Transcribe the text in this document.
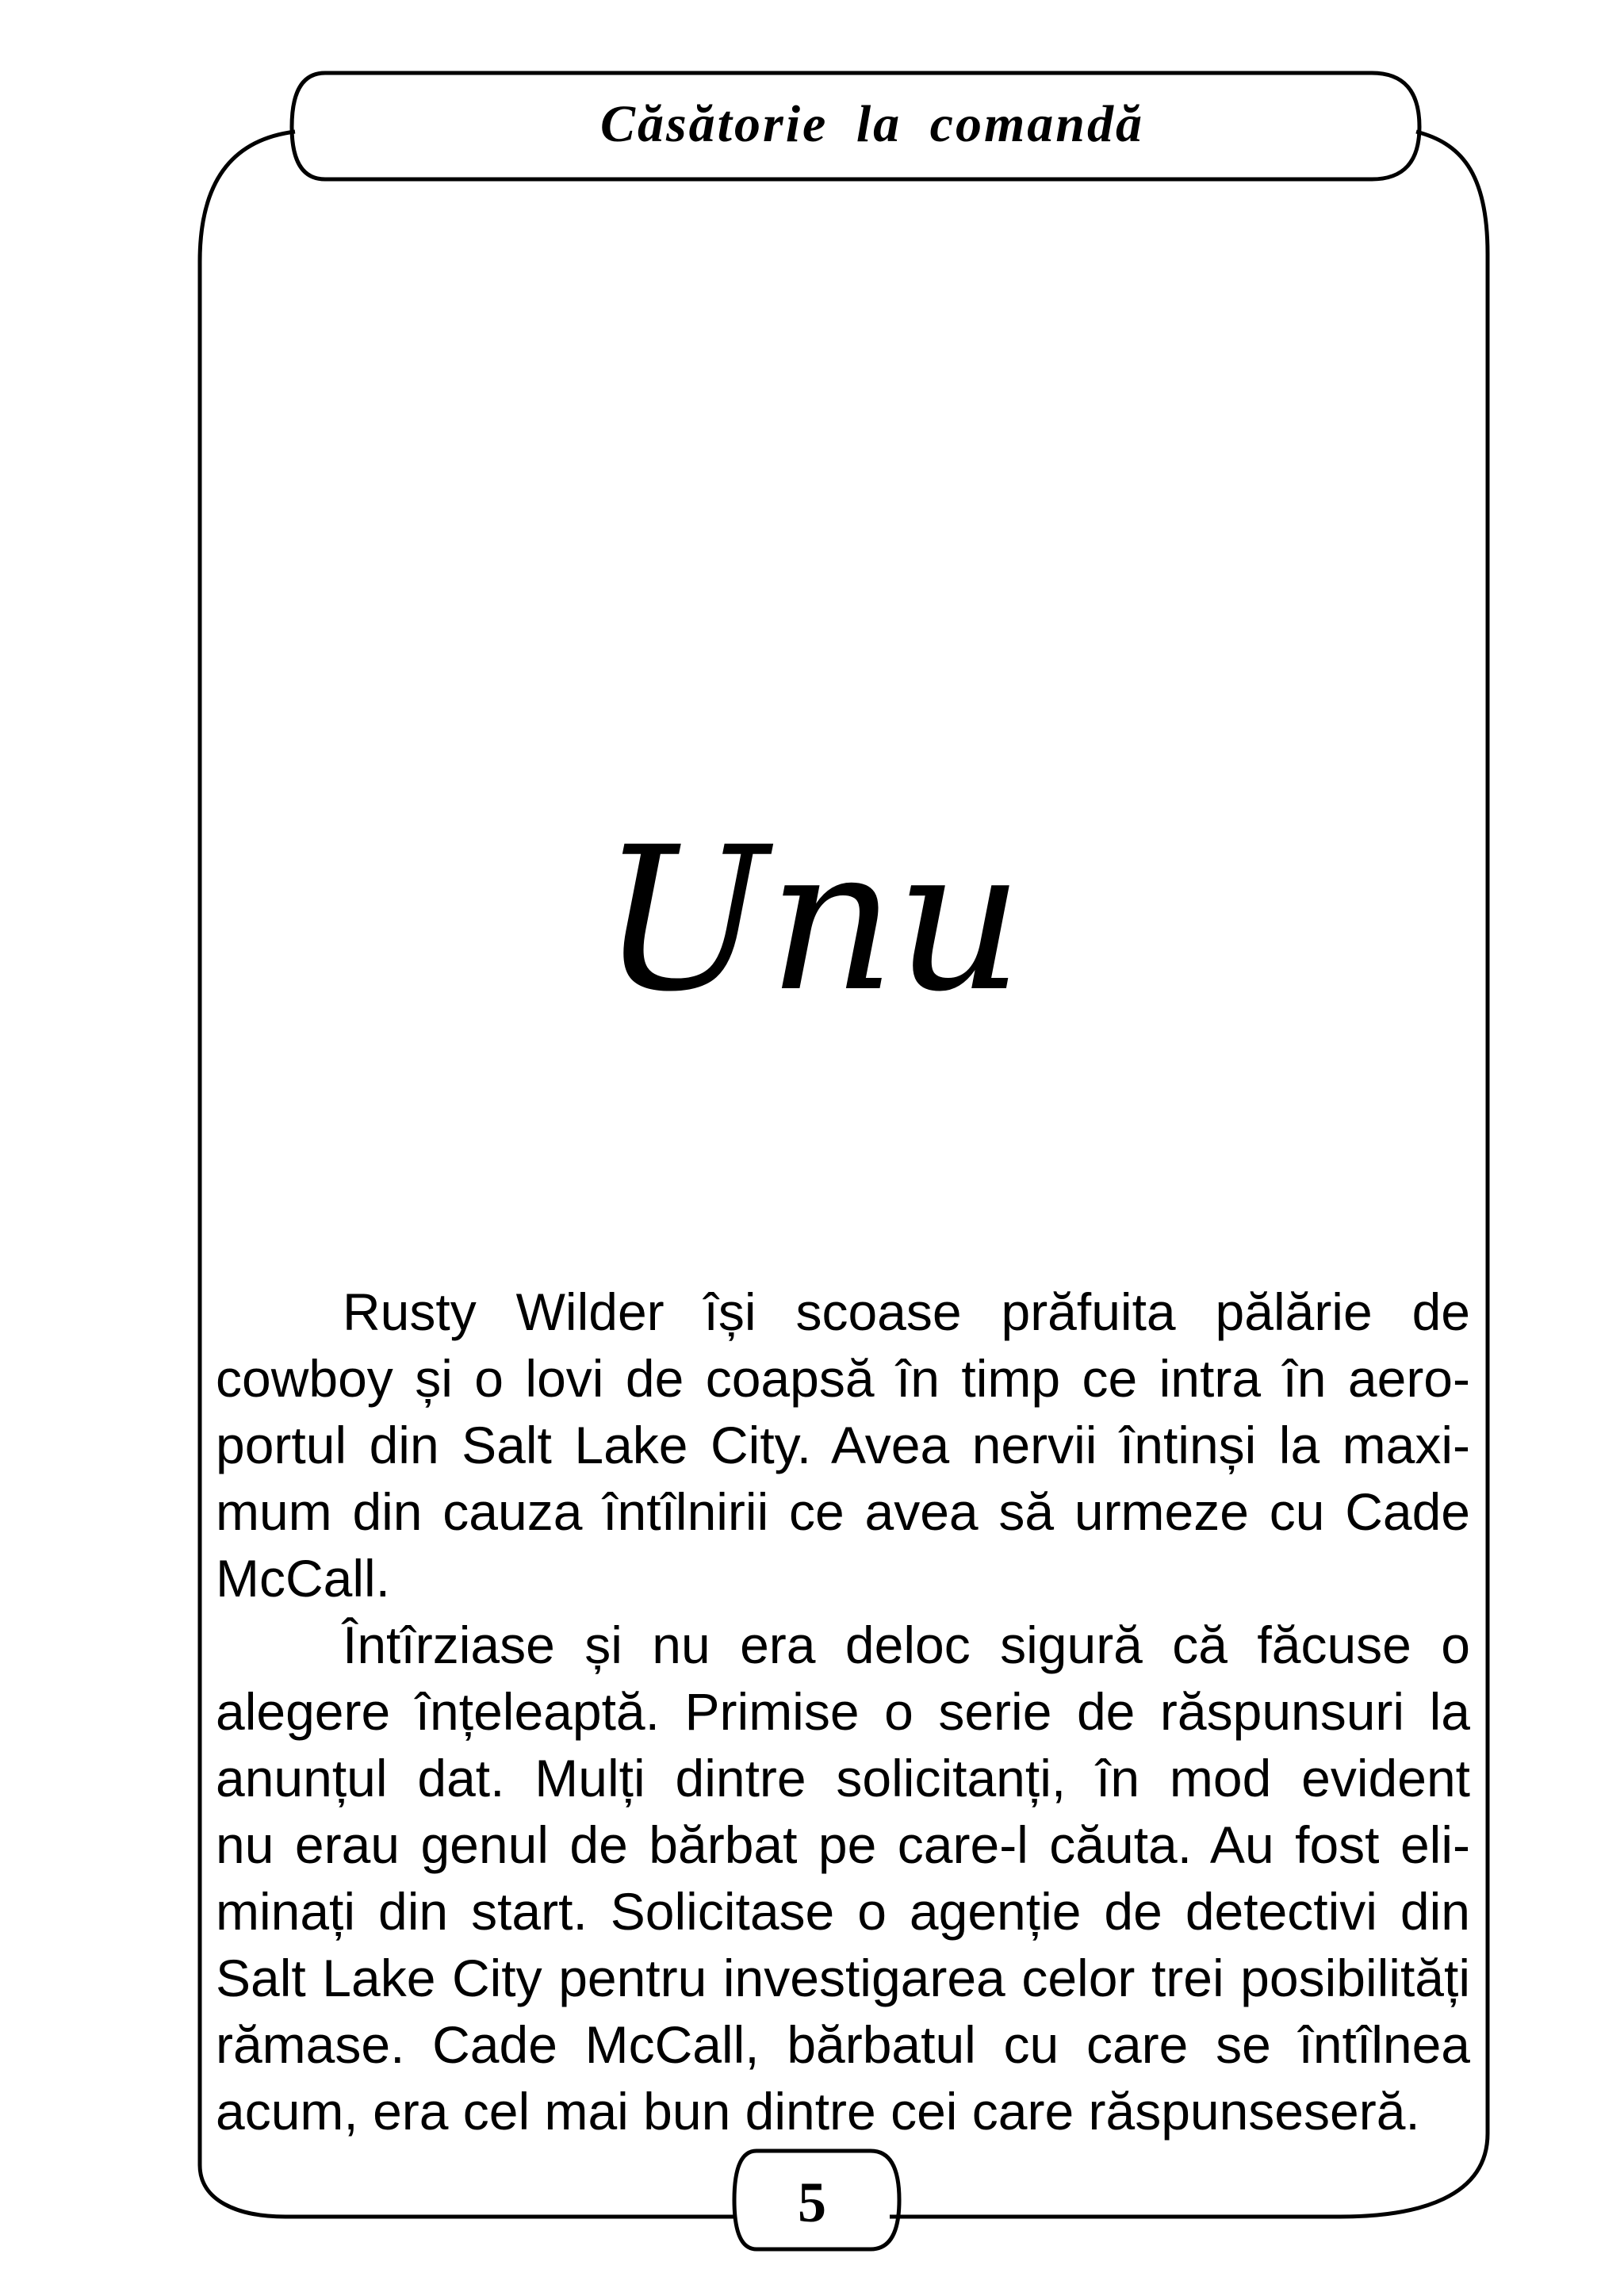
Căsătorie la comandă
Unu
Rusty Wilder își scoase prăfuita pălărie de
cowboy și o lovi de coapsă în timp ce intra în aero-
portul din Salt Lake City. Avea nervii întinși la maxi-
mum din cauza întîlnirii ce avea să urmeze cu Cade
McCall.
Întîrziase și nu era deloc sigură că făcuse o
alegere înțeleaptă. Primise o serie de răspunsuri la
anunțul dat. Mulți dintre solicitanți, în mod evident
nu erau genul de bărbat pe care-l căuta. Au fost eli-
minați din start. Solicitase o agenție de detectivi din
Salt Lake City pentru investigarea celor trei posibilități
rămase. Cade McCall, bărbatul cu care se întîlnea
acum, era cel mai bun dintre cei care răspunseseră.
5
